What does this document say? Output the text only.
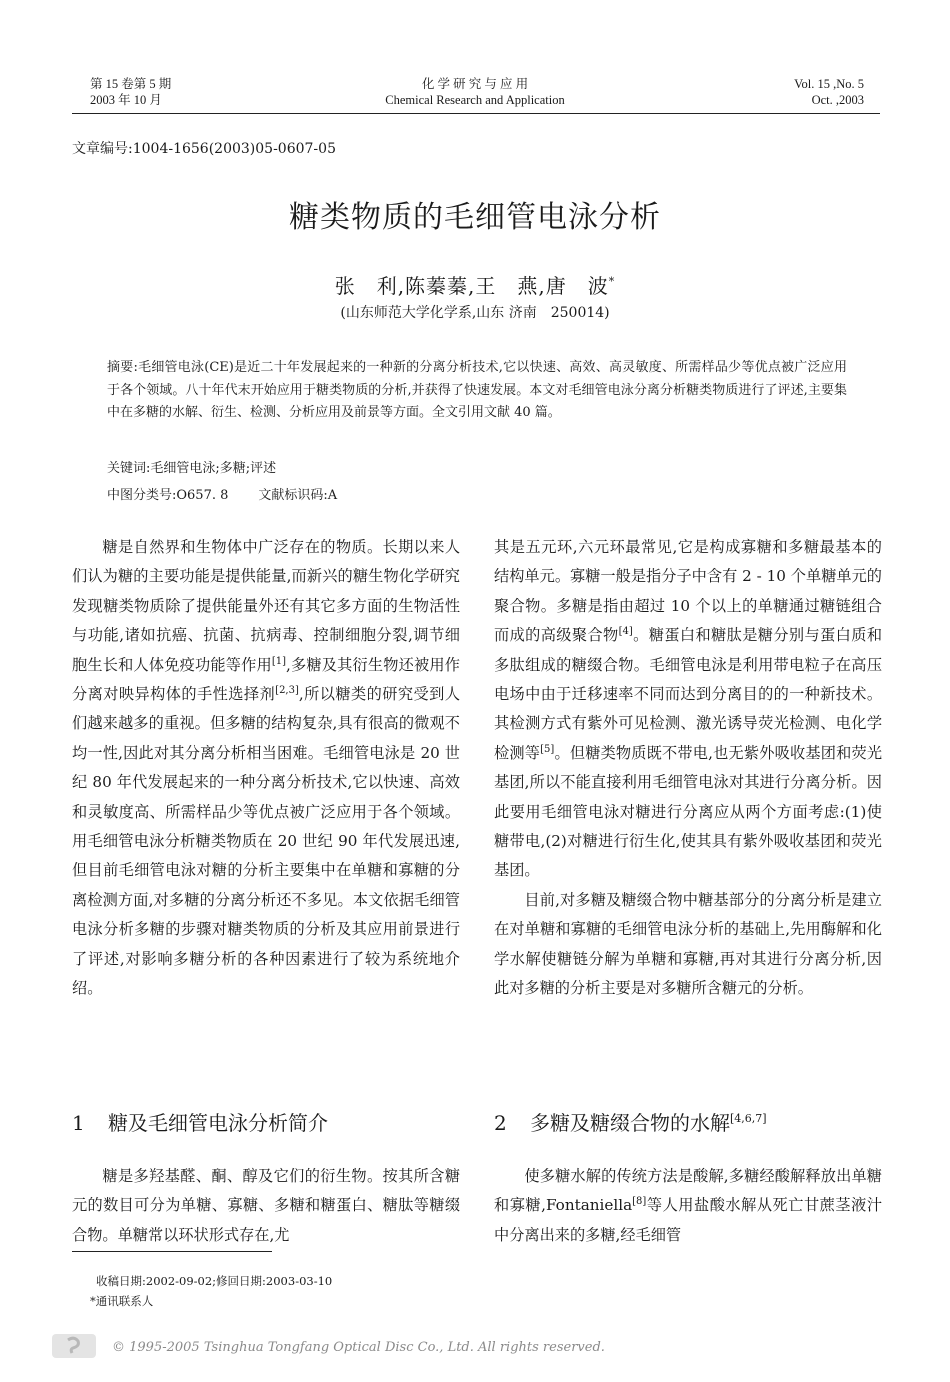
第 15 卷第 5 期
2003 年 10 月
化 学 研 究 与 应 用
Chemical Research and Application
Vol. 15 ,No. 5
Oct. ,2003
文章编号:1004-1656(2003)05-0607-05
糖类物质的毛细管电泳分析
张　利,陈蓁蓁,王　燕,唐　波*
(山东师范大学化学系,山东 济南　250014)
摘要:毛细管电泳(CE)是近二十年发展起来的一种新的分离分析技术,它以快速、高效、高灵敏度、所需样品少等优点被广泛应用于各个领域。八十年代末开始应用于糖类物质的分析,并获得了快速发展。本文对毛细管电泳分离分析糖类物质进行了评述,主要集中在多糖的水解、衍生、检测、分析应用及前景等方面。全文引用文献 40 篇。
关键词:毛细管电泳;多糖;评述
中图分类号:O657. 8 文献标识码:A

糖是自然界和生物体中广泛存在的物质。长期以来人们认为糖的主要功能是提供能量,而新兴的糖生物化学研究发现糖类物质除了提供能量外还有其它多方面的生物活性与功能,诸如抗癌、抗菌、抗病毒、控制细胞分裂,调节细胞生长和人体免疫功能等作用[1],多糖及其衍生物还被用作分离对映异构体的手性选择剂[2,3],所以糖类的研究受到人们越来越多的重视。但多糖的结构复杂,具有很高的微观不均一性,因此对其分离分析相当困难。毛细管电泳是 20 世纪 80 年代发展起来的一种分离分析技术,它以快速、高效和灵敏度高、所需样品少等优点被广泛应用于各个领域。用毛细管电泳分析糖类物质在 20 世纪 90 年代发展迅速,但目前毛细管电泳对糖的分析主要集中在单糖和寡糖的分离检测方面,对多糖的分离分析还不多见。本文依据毛细管电泳分析多糖的步骤对糖类物质的分析及其应用前景进行了评述,对影响多糖分析的各种因素进行了较为系统地介绍。

其是五元环,六元环最常见,它是构成寡糖和多糖最基本的结构单元。寡糖一般是指分子中含有 2 - 10 个单糖单元的聚合物。多糖是指由超过 10 个以上的单糖通过糖链组合而成的高级聚合物[4]。糖蛋白和糖肽是糖分别与蛋白质和多肽组成的糖缀合物。毛细管电泳是利用带电粒子在高压电场中由于迁移速率不同而达到分离目的的一种新技术。其检测方式有紫外可见检测、激光诱导荧光检测、电化学检测等[5]。但糖类物质既不带电,也无紫外吸收基团和荧光基团,所以不能直接利用毛细管电泳对其进行分离分析。因此要用毛细管电泳对糖进行分离应从两个方面考虑:(1)使糖带电,(2)对糖进行衍生化,使其具有紫外吸收基团和荧光基团。

目前,对多糖及糖缀合物中糖基部分的分离分析是建立在对单糖和寡糖的毛细管电泳分析的基础上,先用酶解和化学水解使糖链分解为单糖和寡糖,再对其进行分离分析,因此对多糖的分析主要是对多糖所含糖元的分析。

1 糖及毛细管电泳分析简介	2 多糖及糖缀合物的水解[4,6,7]

糖是多羟基醛、酮、醇及它们的衍生物。按其所含糖元的数目可分为单糖、寡糖、多糖和糖蛋白、糖肽等糖缀合物。单糖常以环状形式存在,尤

使多糖水解的传统方法是酸解,多糖经酸解释放出单糖和寡糖,Fontaniella[8]等人用盐酸水解从死亡甘蔗茎液汁中分离出来的多糖,经毛细管

收稿日期:2002-09-02;修回日期:2003-03-10
*通讯联系人
© 1995-2005 Tsinghua Tongfang Optical Disc Co., Ltd. All rights reserved.
